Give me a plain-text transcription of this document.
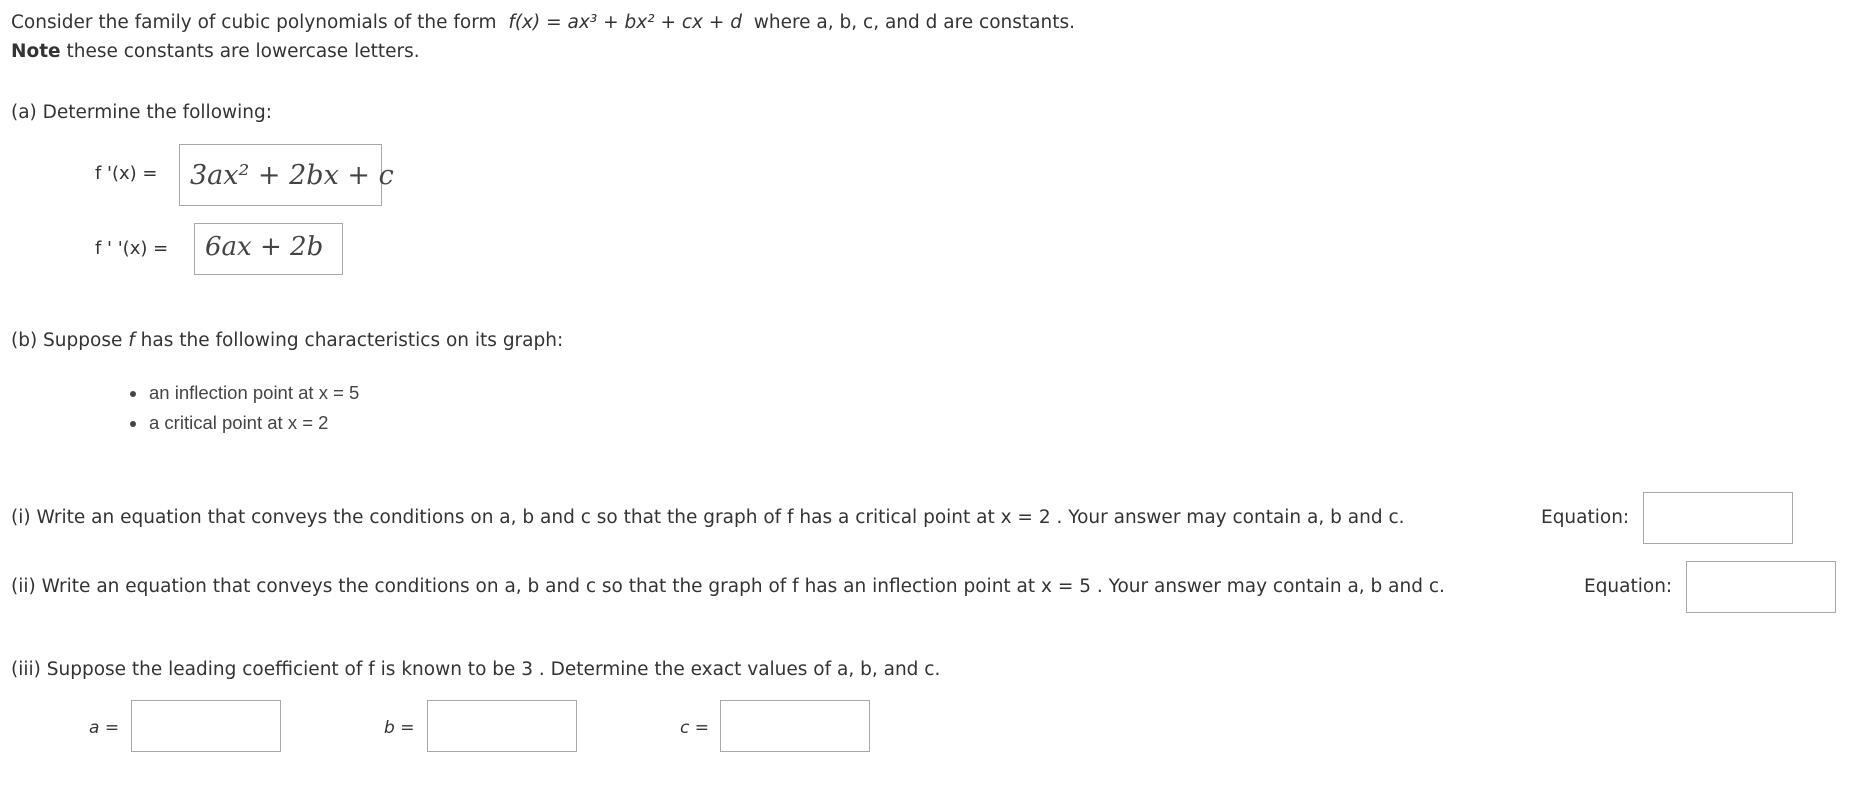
Consider the family of cubic polynomials of the form f(x) = ax³ + bx² + cx + d where a, b, c, and d are constants.
Note these constants are lowercase letters.
(a) Determine the following:
f '(x) =	3ax² + 2bx + c
f ' '(x) =	6ax + 2b
(b) Suppose f has the following characteristics on its graph:
an inflection point at x = 5
a critical point at x = 2
(i) Write an equation that conveys the conditions on a, b and c so that the graph of f has a critical point at x = 2 . Your answer may contain a, b and c.	Equation:
(ii) Write an equation that conveys the conditions on a, b and c so that the graph of f has an inflection point at x = 5 . Your answer may contain a, b and c.	Equation:
(iii) Suppose the leading coefficient of f is known to be 3 . Determine the exact values of a, b, and c.
a =	b =	c =
